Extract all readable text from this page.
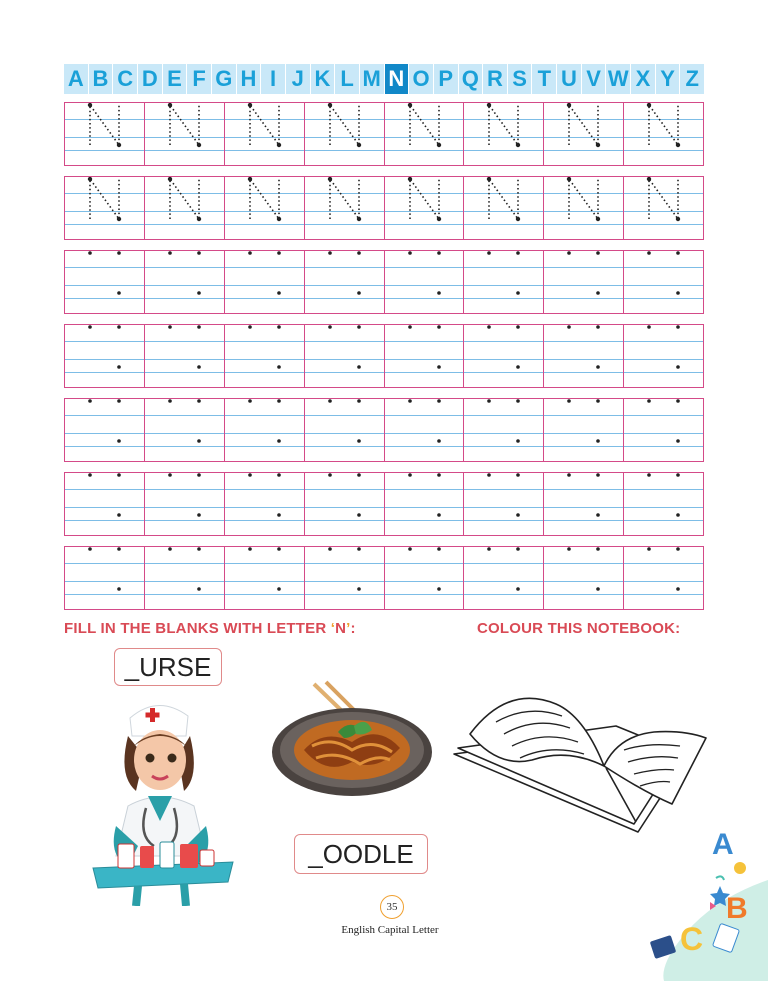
A B C D E F G H I J K L M N O P Q R S T U V W X Y Z
FILL IN THE BLANKS WITH LETTER ‘N’:	COLOUR THIS NOTEBOOK:
_URSE
_OODLE	A
B
C
35
English Capital Letter
